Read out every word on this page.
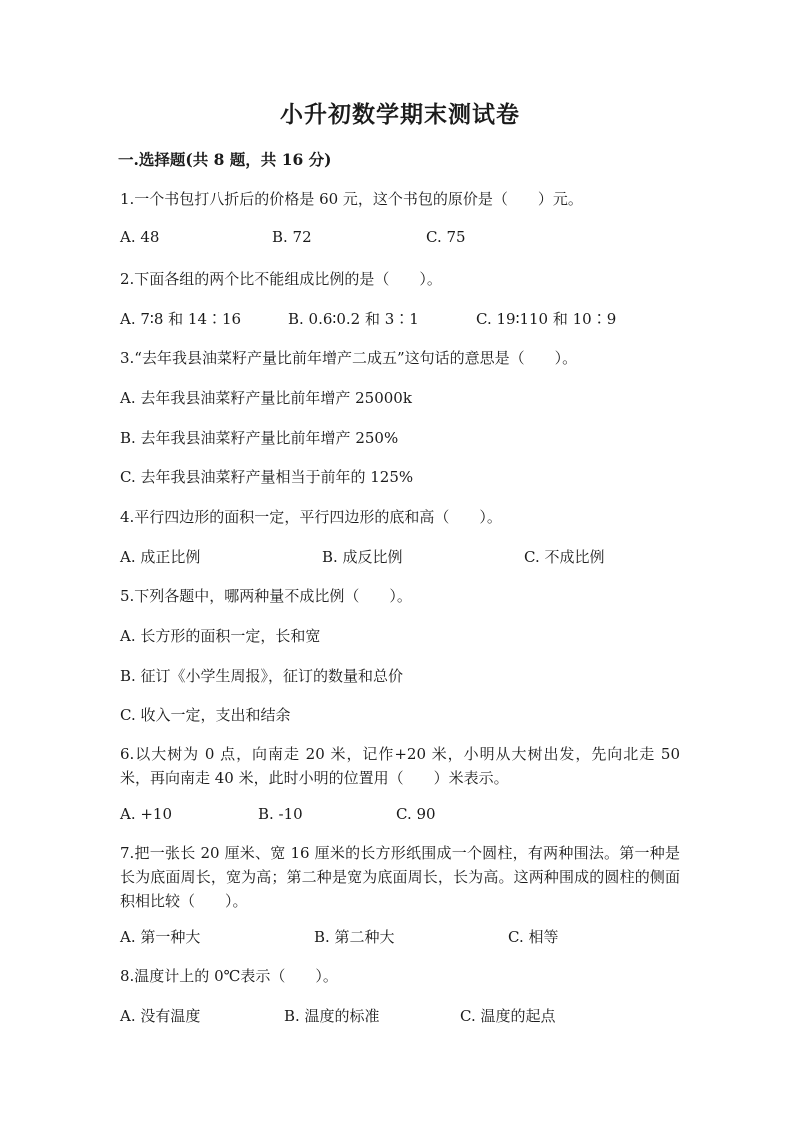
小升初数学期末测试卷
一.选择题(共 8 题，共 16 分)
1.一个书包打八折后的价格是 60 元，这个书包的原价是（　　）元。
A. 48	B. 72	C. 75
2.下面各组的两个比不能组成比例的是（　　）。
A. 7∶8 和 14∶16	B. 0.6∶0.2 和 3∶1	C. 19∶110 和 10∶9
3.“去年我县油菜籽产量比前年增产二成五”这句话的意思是（　　）。
A. 去年我县油菜籽产量比前年增产 25000k
B. 去年我县油菜籽产量比前年增产 250%
C. 去年我县油菜籽产量相当于前年的 125%
4.平行四边形的面积一定，平行四边形的底和高（　　）。
A. 成正比例	B. 成反比例	C. 不成比例
5.下列各题中，哪两种量不成比例（　　）。
A. 长方形的面积一定，长和宽
B. 征订《小学生周报》，征订的数量和总价
C. 收入一定，支出和结余
6.以大树为 0 点，向南走 20 米，记作+20 米，小明从大树出发，先向北走 50 米，再向南走 40 米，此时小明的位置用（　　）米表示。
A. +10	B. -10	C. 90
7.把一张长 20 厘米、宽 16 厘米的长方形纸围成一个圆柱，有两种围法。第一种是长为底面周长，宽为高；第二种是宽为底面周长，长为高。这两种围成的圆柱的侧面积相比较（　　）。
A. 第一种大	B. 第二种大	C. 相等
8.温度计上的 0℃表示（　　）。
A. 没有温度	B. 温度的标准	C. 温度的起点
